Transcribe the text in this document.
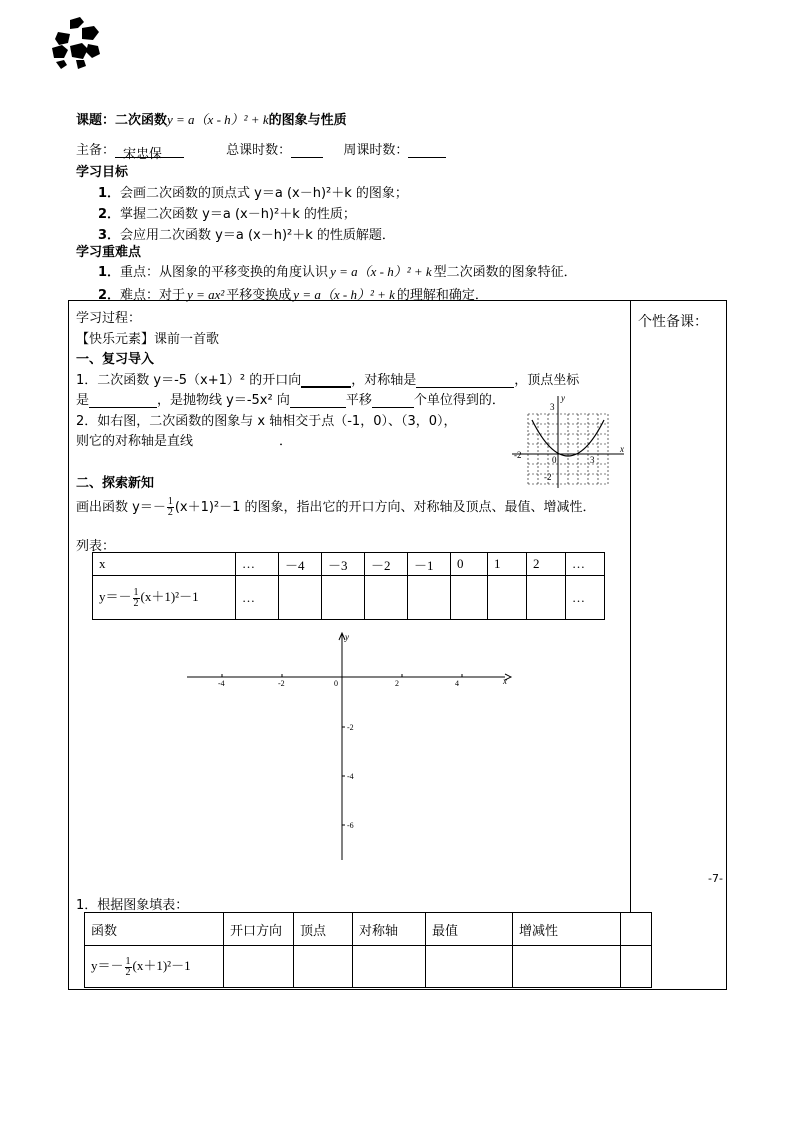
课题：二次函数y = a（x - h）² + k的图象与性质
主备： 宋忠保	总课时数：	周课时数：
学习目标
1．会画二次函数的顶点式 y＝a (x－h)²＋k 的图象；
2．掌握二次函数 y＝a (x－h)²＋k 的性质；
3．会应用二次函数 y＝a (x－h)²＋k 的性质解题．
学习重难点
1．重点：从图象的平移变换的角度认识 y = a（x - h）² + k 型二次函数的图象特征．
2．难点：对于 y = ax² 平移变换成 y = a（x - h）² + k 的理解和确定．
学习过程：	个性备课：
【快乐元素】课前一首歌
一、复习导入
1．二次函数 y＝-5（x+1）² 的开口向	，对称轴是	，顶点坐标
是	，是抛物线 y＝-5x² 向	平移	个单位得到的．
2．如右图，二次函数的图象与 x 轴相交于点（-1，0）、（3，0），
则它的对称轴是直线	．
-2	0	3
-2
3
x
y
二、探索新知
画出函数 $y=- \frac{1}{2} (x+1)^2-1$ 的图象，指出它的开口方向、对称轴及顶点、最值、增减性．
列表：
x	…	－4	－3	－2	－1	0	1	2	…
$y=- \frac{1}{2} (x+1)^2-1$	…								…
-4	-2	0	2	4
-2
-4
-6
x
y
-7-
1．根据图象填表：
函数	开口方向	顶点	对称轴	最值	增减性	
$y=- \frac{1}{2} (x+1)^2-1$						
